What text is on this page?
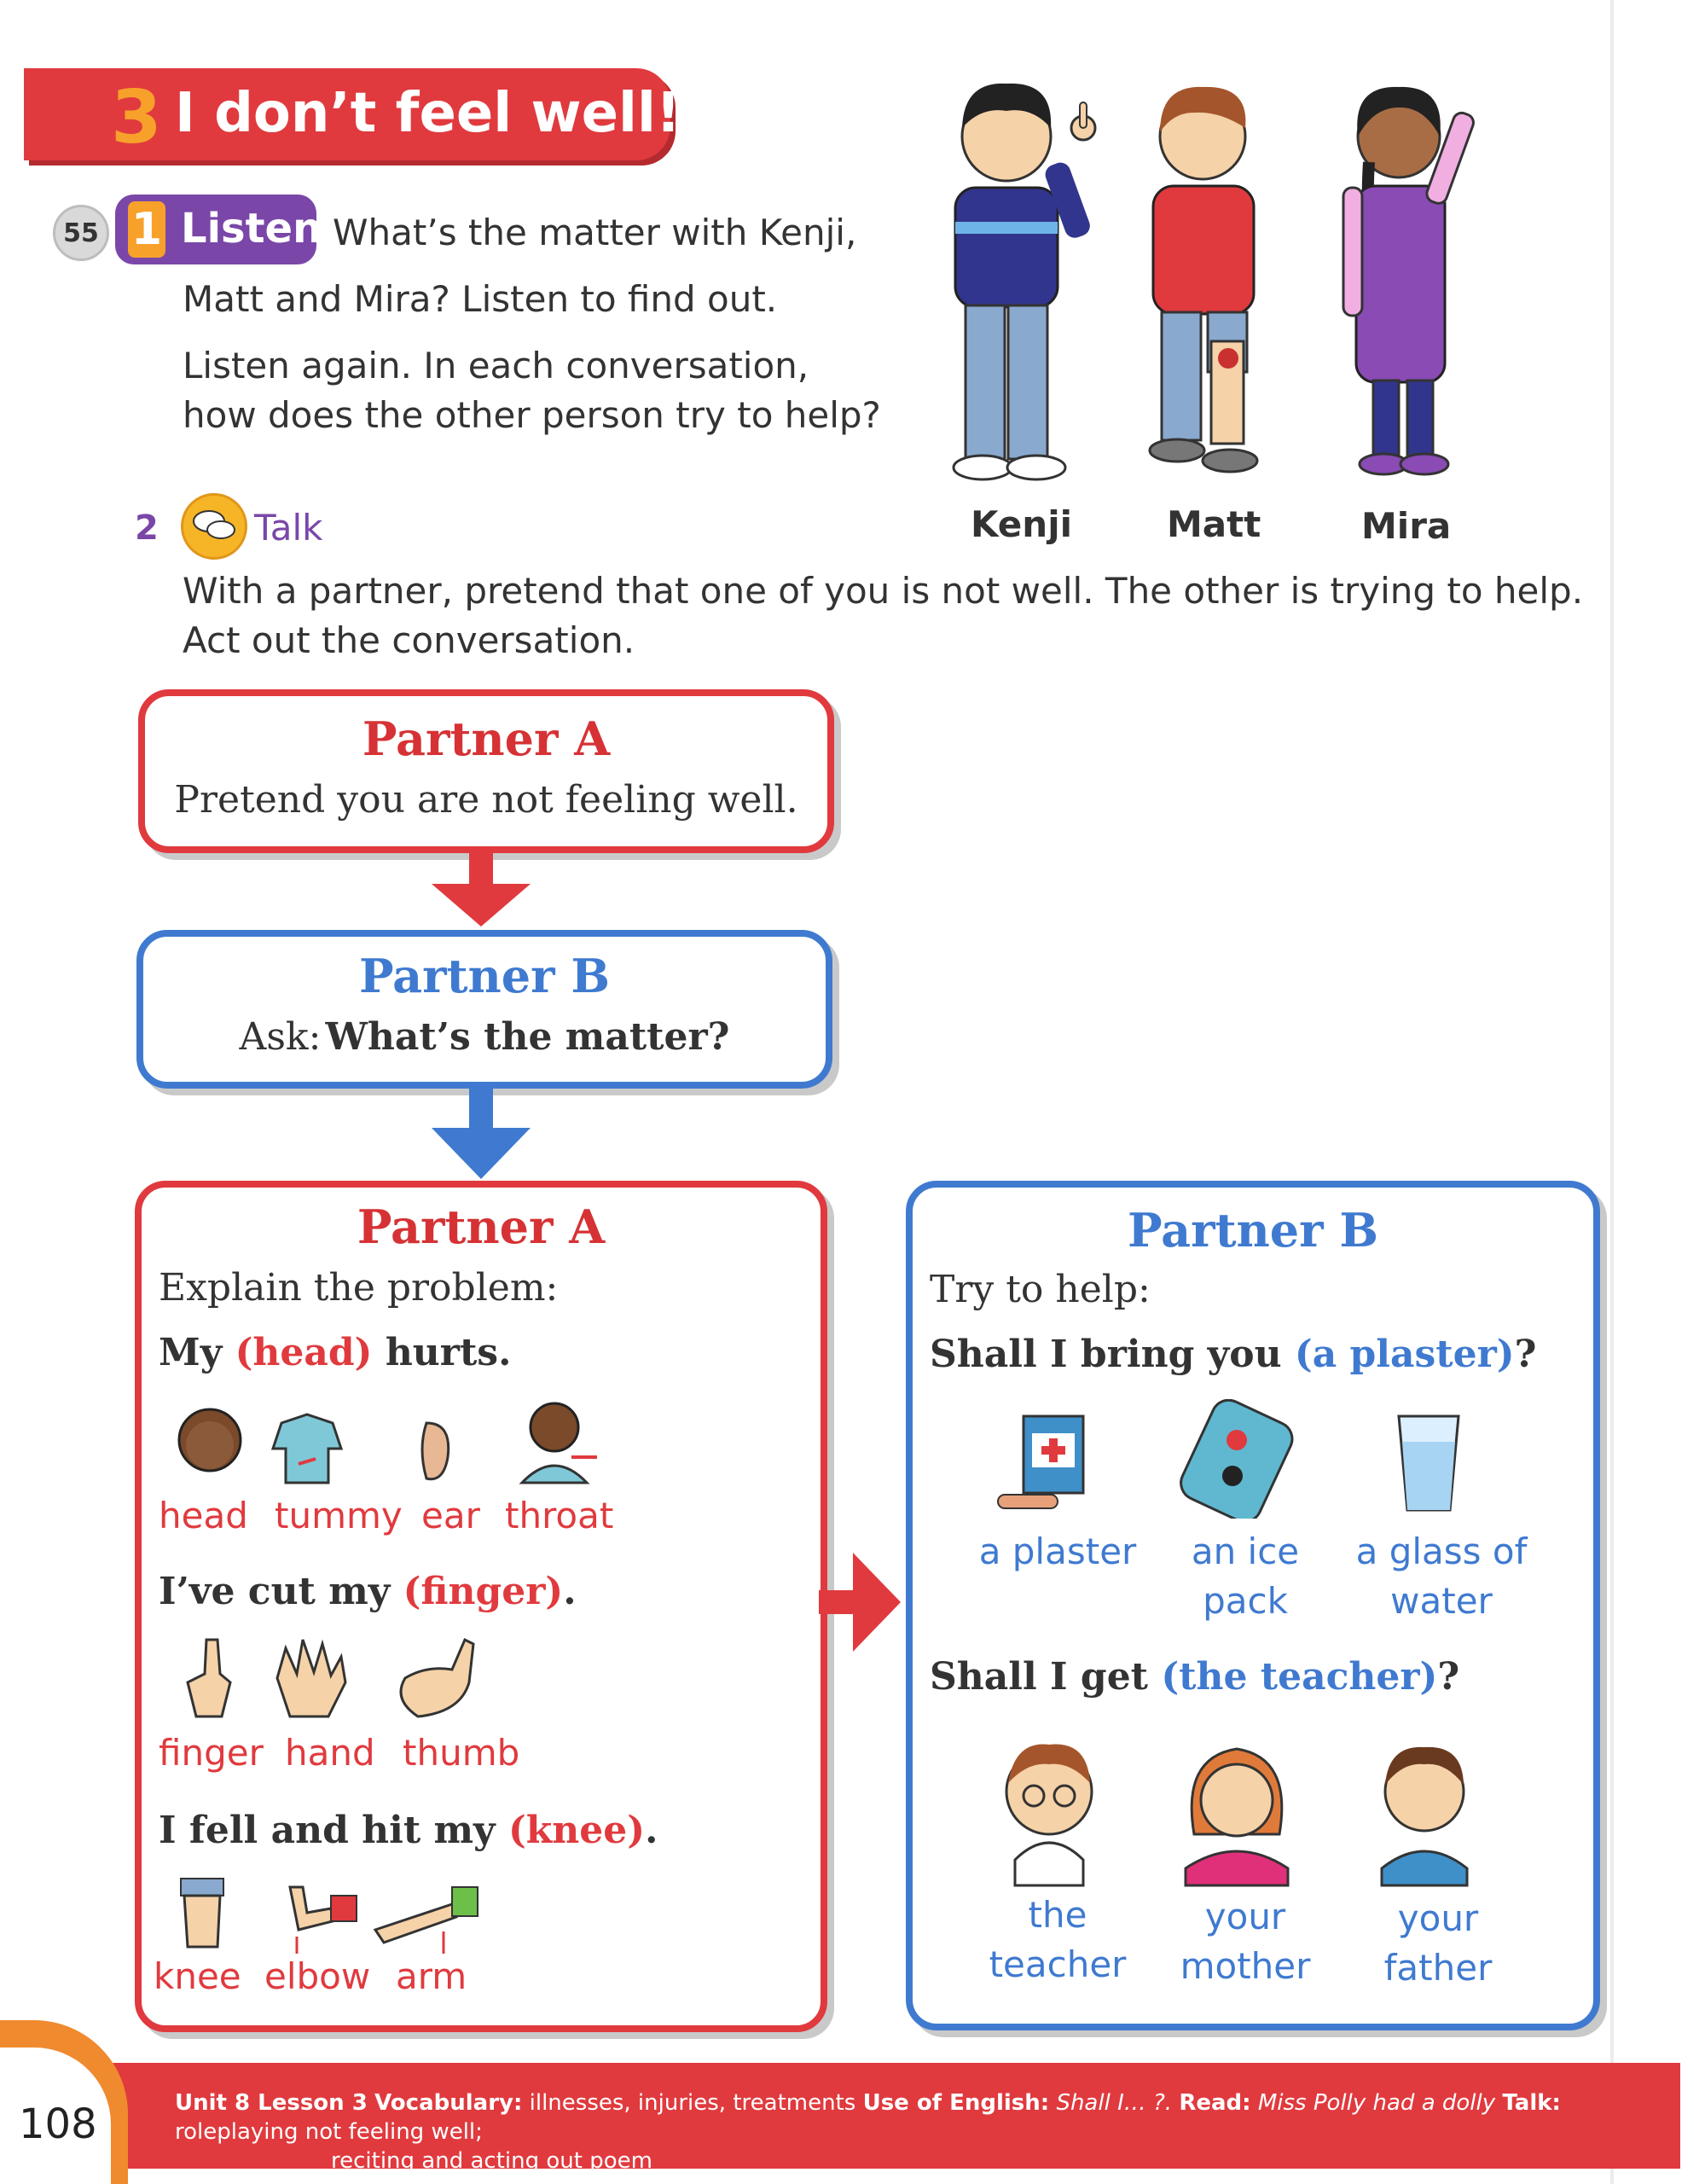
3 I don’t feel well!
55 1 Listen What’s the matter with Kenji,
Matt and Mira? Listen to find out.
Listen again. In each conversation,
how does the other person try to help?
Kenji	Matt	Mira
2	Talk
With a partner, pretend that one of you is not well. The other is trying to help.
Act out the conversation.
Partner A
Pretend you are not feeling well.
Partner B
Ask: What’s the matter?
Partner A
Explain the problem:
My (head) hurts.
head tummy ear throat
I’ve cut my (finger).
finger hand thumb
I fell and hit my (knee).
knee elbow arm
Partner B
Try to help:
Shall I bring you (a plaster)?
a plaster	an ice
pack
a glass of
water
Shall I get (the teacher)?
the
teacher
your
mother
your
father
108	Unit 8 Lesson 3 Vocabulary: illnesses, injuries, treatments Use of English: Shall I… ?. Read: Miss Polly had a dolly Talk: roleplaying not feeling well;
reciting and acting out poem
